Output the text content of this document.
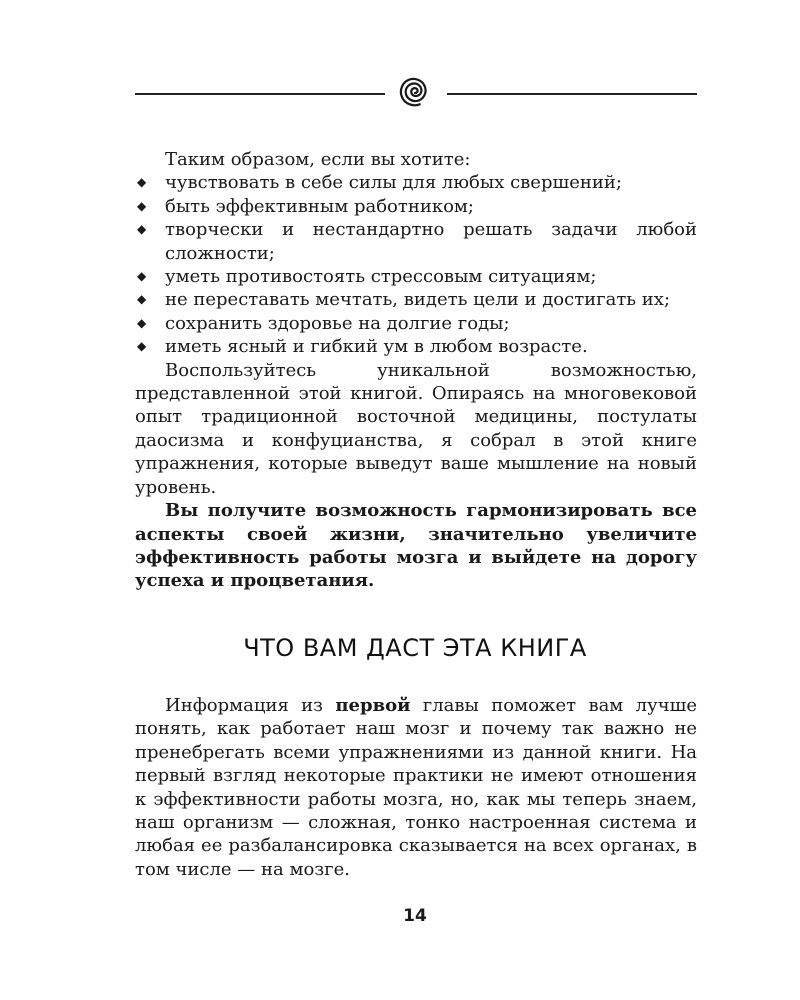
Таким образом, если вы хотите:

◆ чувствовать в себе силы для любых свершений;
◆ быть эффективным работником;
◆ творчески и нестандартно решать задачи любой сложности;
◆ уметь противостоять стрессовым ситуациям;
◆ не переставать мечтать, видеть цели и достигать их;
◆ сохранить здоровье на долгие годы;
◆ иметь ясный и гибкий ум в любом возрасте.

Воспользуйтесь уникальной возможностью, представленной этой книгой. Опираясь на многовековой опыт традиционной восточной медицины, постулаты даосизма и конфуцианства, я собрал в этой книге упражнения, которые выведут ваше мышление на новый уровень.

Вы получите возможность гармонизировать все аспекты своей жизни, значительно увеличите эффективность работы мозга и выйдете на дорогу успеха и процветания.

ЧТО ВАМ ДАСТ ЭТА КНИГА

Информация из первой главы поможет вам лучше понять, как работает наш мозг и почему так важно не пренебрегать всеми упражнениями из данной книги. На первый взгляд некоторые практики не имеют отношения к эффективности работы мозга, но, как мы теперь знаем, наш организм — сложная, тонко настроенная система и любая ее разбалансировка сказывается на всех органах, в том числе — на мозге.

14
